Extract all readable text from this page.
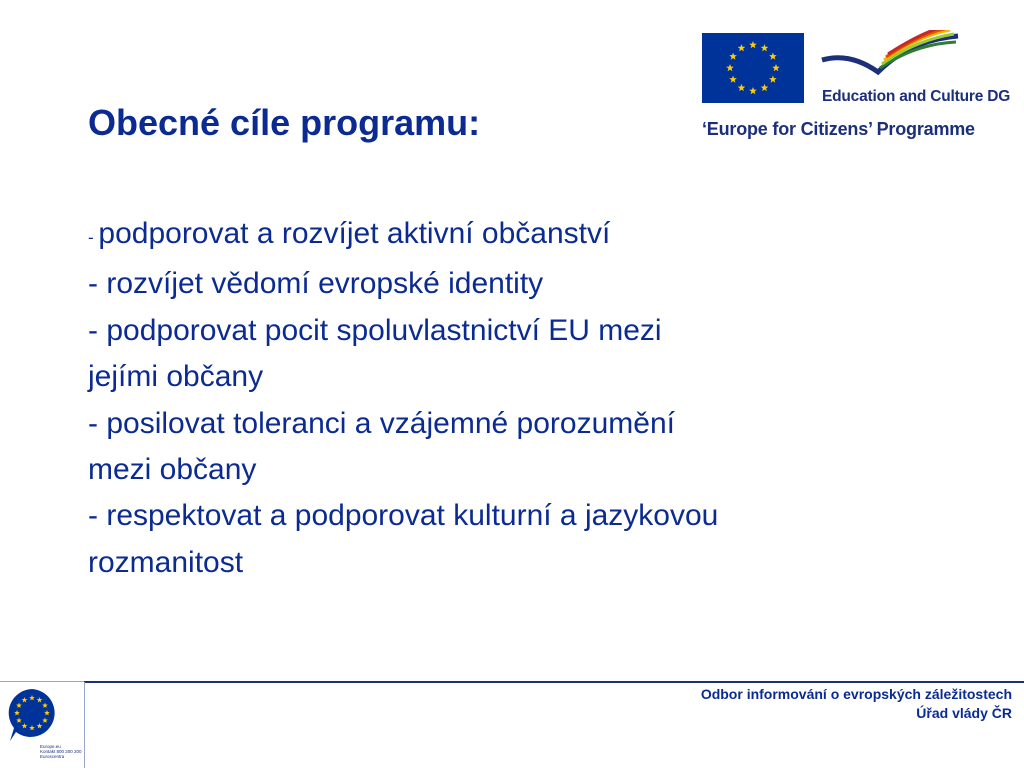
Education and Culture DG
‘Europe for Citizens’ Programme
Obecné cíle programu:
- podporovat a rozvíjet aktivní občanství
- rozvíjet vědomí evropské identity
- podporovat pocit spoluvlastnictví EU mezi
jejími občany
- posilovat toleranci a vzájemné porozumění
mezi občany
- respektovat a podporovat kulturní a jazykovou
rozmanitost
Europe.eu
Kontakt 800 200 200
Euroscentra
Odbor informování o evropských záležitostech
Úřad vlády ČR
